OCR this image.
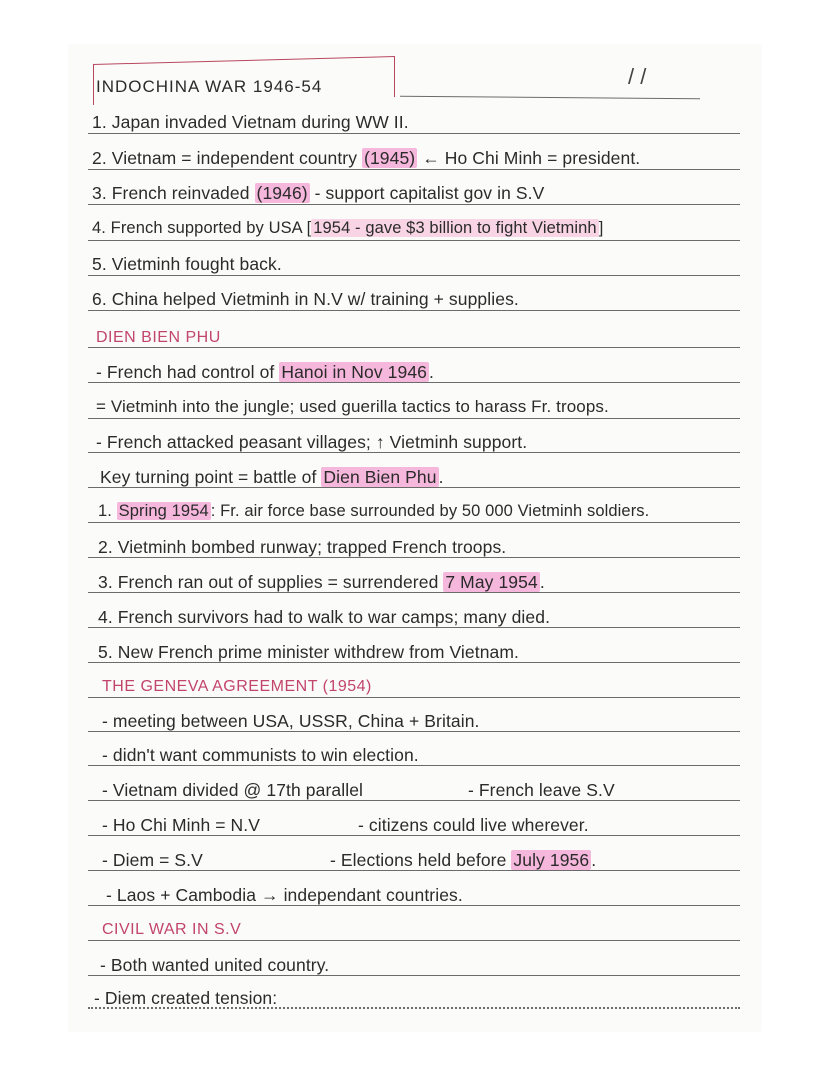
/ /
INDOCHINA WAR 1946-54
1. Japan invaded Vietnam during WW II.
2. Vietnam = independent country (1945) ← Ho Chi Minh = president.
3. French reinvaded (1946) - support capitalist gov in S.V
4. French supported by USA [ 1954 - gave $3 billion to fight Vietminh ]
5. Vietminh fought back.
6. China helped Vietminh in N.V w/ training + supplies.
DIEN BIEN PHU
- French had control of Hanoi in Nov 1946 .
= Vietminh into the jungle; used guerilla tactics to harass Fr. troops.
- French attacked peasant villages; ↑ Vietminh support.
Key turning point = battle of Dien Bien Phu .
1. Spring 1954 : Fr. air force base surrounded by 50 000 Vietminh soldiers.
2. Vietminh bombed runway; trapped French troops.
3. French ran out of supplies = surrendered 7 May 1954 .
4. French survivors had to walk to war camps; many died.
5. New French prime minister withdrew from Vietnam.
THE GENEVA AGREEMENT (1954)
- meeting between USA, USSR, China + Britain.
- didn't want communists to win election.
- Vietnam divided @ 17th parallel	- French leave S.V
- Ho Chi Minh = N.V	- citizens could live wherever.
- Diem = S.V	- Elections held before July 1956 .
- Laos + Cambodia → independant countries.
CIVIL WAR IN S.V
- Both wanted united country.
- Diem created tension:
